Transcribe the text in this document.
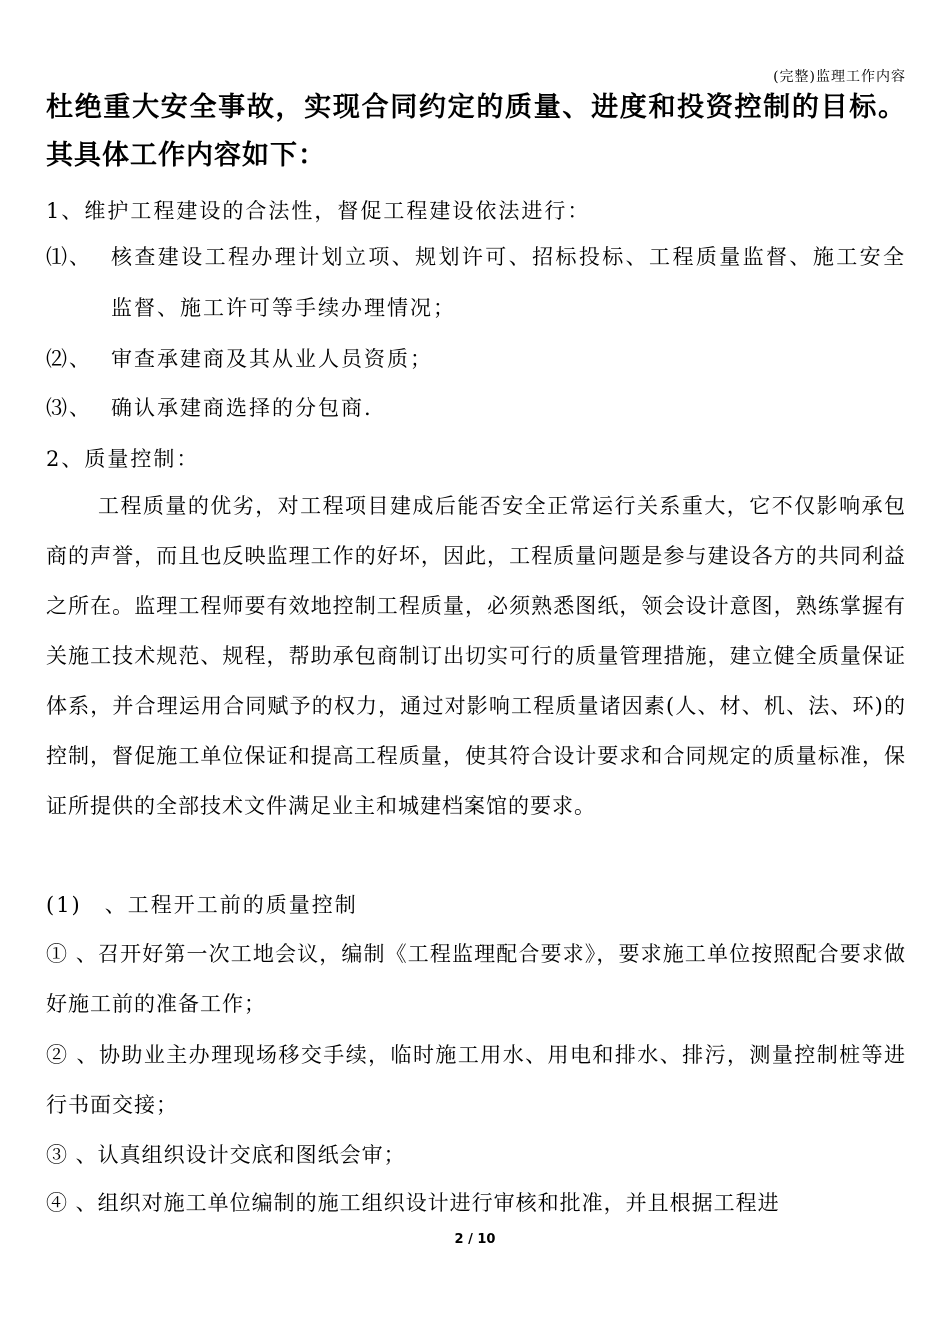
(完整)监理工作内容
杜绝重大安全事故，实现合同约定的质量、进度和投资控制的目标。其具体工作内容如下：
1、维护工程建设的合法性，督促工程建设依法进行：
⑴、 核查建设工程办理计划立项、规划许可、招标投标、工程质量监督、施工安全监督、施工许可等手续办理情况；
⑵、 审查承建商及其从业人员资质；
⑶、 确认承建商选择的分包商.
2、质量控制：
工程质量的优劣，对工程项目建成后能否安全正常运行关系重大，它不仅影响承包商的声誉，而且也反映监理工作的好坏，因此，工程质量问题是参与建设各方的共同利益之所在。监理工程师要有效地控制工程质量，必须熟悉图纸，领会设计意图，熟练掌握有关施工技术规范、规程，帮助承包商制订出切实可行的质量管理措施，建立健全质量保证体系，并合理运用合同赋予的权力，通过对影响工程质量诸因素(人、材、机、法、环)的控制，督促施工单位保证和提高工程质量，使其符合设计要求和合同规定的质量标准，保证所提供的全部技术文件满足业主和城建档案馆的要求。
(1)　、工程开工前的质量控制
① 、召开好第一次工地会议，编制《工程监理配合要求》，要求施工单位按照配合要求做好施工前的准备工作；
② 、协助业主办理现场移交手续，临时施工用水、用电和排水、排污，测量控制桩等进行书面交接；
③ 、认真组织设计交底和图纸会审；
④ 、组织对施工单位编制的施工组织设计进行审核和批准，并且根据工程进
2 / 10
